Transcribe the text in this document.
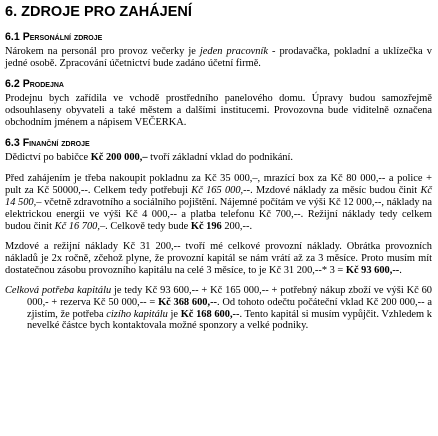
6. ZDROJE PRO ZAHÁJENÍ
6.1 Personální zdroje

Nárokem na personál pro provoz večerky je jeden pracovník - prodavačka, pokladní a uklízečka v jedné osobě. Zpracování účetnictví bude zadáno účetní firmě.

6.2 Prodejna

Prodejnu bych zařídila ve vchodě prostředního panelového domu. Úpravy budou samozřejmě odsouhlaseny obyvateli a také městem a dalšími institucemi. Provozovna bude viditelně označena obchodním jménem a nápisem VEČERKA.

6.3 Finanční zdroje

Dědictví po babičce Kč 200 000,– tvoří základní vklad do podnikání.

Před zahájením je třeba nakoupit pokladnu za Kč 35 000,–, mrazící box za Kč 80 000,-- a police + pult za Kč 50000,--. Celkem tedy potřebuji Kč 165 000,--. Mzdové náklady za měsíc budou činit Kč 14 500,– včetně zdravotního a sociálního pojištění. Nájemné počítám ve výši Kč 12 000,--, náklady na elektrickou energii ve výši Kč 4 000,-- a platba telefonu Kč 700,--. Režijní náklady tedy celkem budou činit Kč 16 700,–. Celkově tedy bude Kč 196 200,--.

Mzdové a režijní náklady Kč 31 200,-- tvoří mé celkové provozní náklady. Obrátka provozních nákladů je 2x ročně, zčehož plyne, že provozní kapitál se nám vrátí až za 3 měsíce. Proto musím mít dostatečnou zásobu provozního kapitálu na celé 3 měsíce, to je Kč 31 200,--* 3 = Kč 93 600,--.

Celková potřeba kapitálu je tedy Kč 93 600,-- + Kč 165 000,-- + potřebný nákup zboží ve výši Kč 60 000,- + rezerva Kč 50 000,-- = Kč 368 600,--. Od tohoto odečtu počáteční vklad Kč 200 000,-- a zjistím, že potřeba cizího kapitálu je Kč 168 600,--. Tento kapitál si musím vypůjčit. Vzhledem k nevelké částce bych kontaktovala možné sponzory a velké podniky.
